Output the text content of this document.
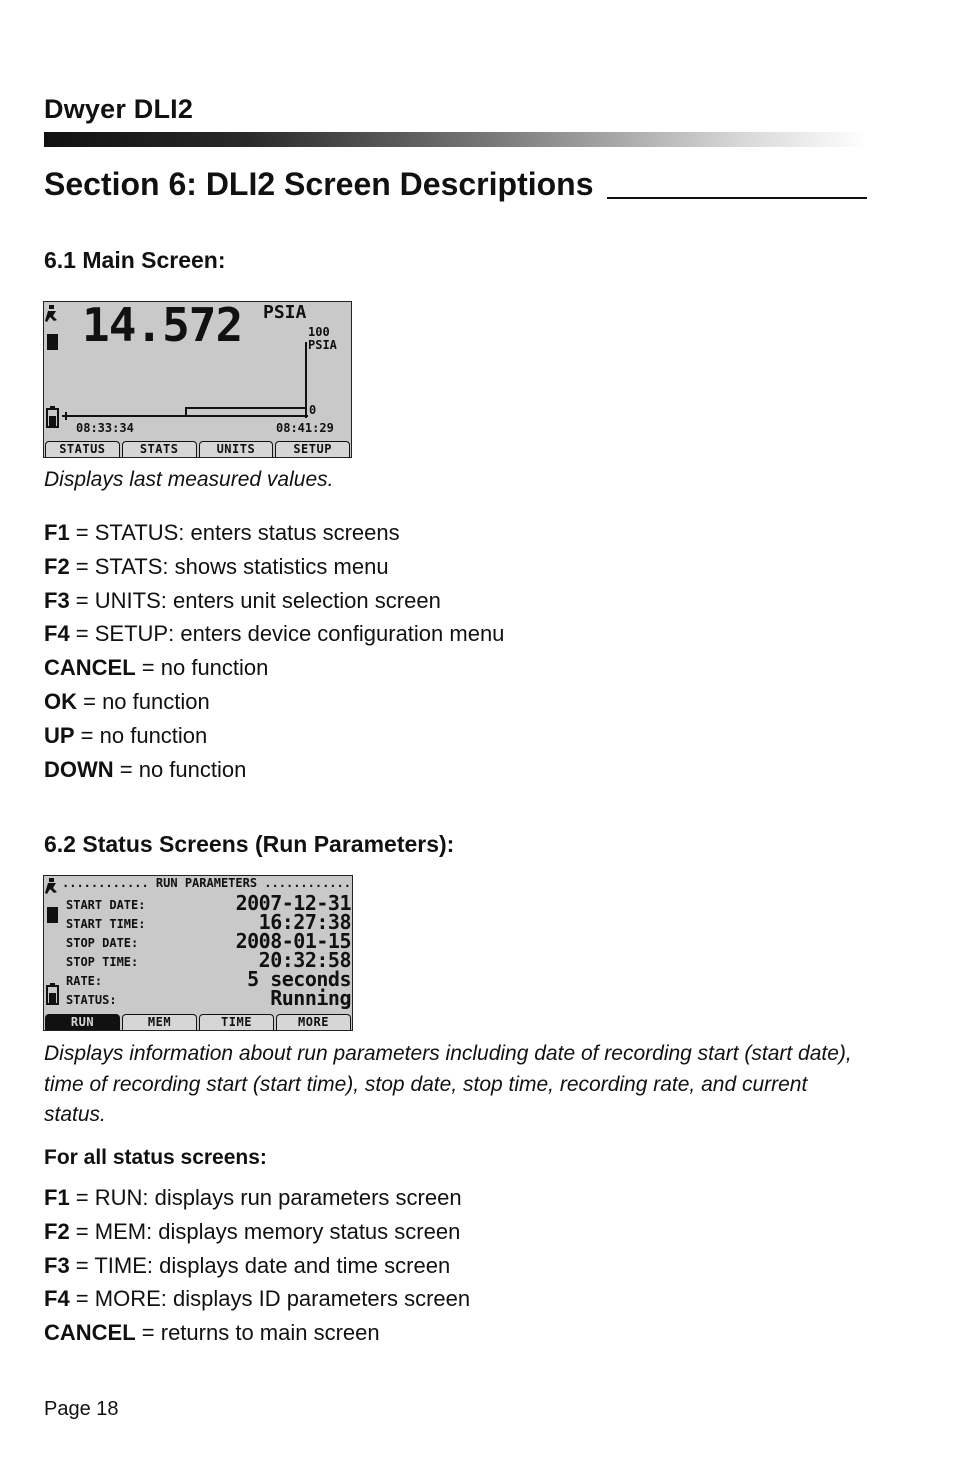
Dwyer DLI2
Section 6: DLI2 Screen Descriptions
6.1 Main Screen:
14.572 PSIA
100
PSIA
0
08:33:34	08:41:29
STATUS	STATS	UNITS	SETUP
Displays last measured values.
F1 = STATUS: enters status screens
F2 = STATS: shows statistics menu
F3 = UNITS: enters unit selection screen
F4 = SETUP: enters device configuration menu
CANCEL = no function
OK = no function
UP = no function
DOWN = no function
6.2 Status Screens (Run Parameters):
............ RUN PARAMETERS ............
START DATE:	2007-12-31
START TIME:	16:27:38
STOP DATE:	2008-01-15
STOP TIME:	20:32:58
RATE:	5 seconds
STATUS:	Running
RUN	MEM	TIME	MORE
Displays information about run parameters including date of recording start (start date), time of recording start (start time), stop date, stop time, recording rate, and current status.
For all status screens:
F1 = RUN: displays run parameters screen
F2 = MEM: displays memory status screen
F3 = TIME: displays date and time screen
F4 = MORE: displays ID parameters screen
CANCEL = returns to main screen
Page 18
